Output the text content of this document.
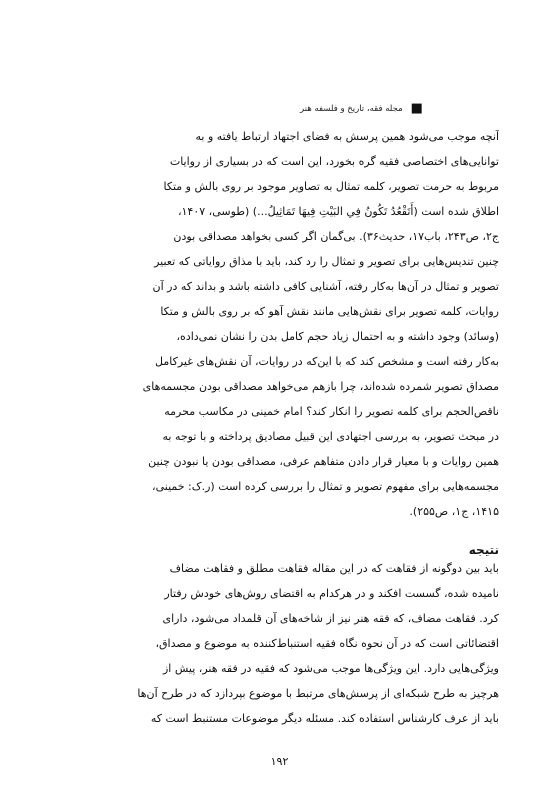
■
مجله فقه، تاریخ و فلسفه هنر
آنچه موجب می‌شود همین پرسش به فضای اجتهاد ارتباط یافته و به
توانایی‌های اختصاصی فقیه گره بخورد، این است که در بسیاری از روایات
مربوط به حرمت تصویر، کلمه تمثال به تصاویر موجود بر روی بالش و متکا
اطلاق شده است (أَتَقْعُدُ تَكُونُ فِي البَيْتِ فِيهَا تَمَاثِيلُ...) (طوسی، ۱۴۰۷،
ج۲، ص۲۴۳، باب۱۷، حدیث۳۶). بی‌گمان اگر کسی بخواهد مصداقی بودن
چنین تندیس‌هایی برای تصویر و تمثال را رد کند، باید با مذاق روایاتی که تعبیر
تصویر و تمثال در آن‌ها به‌کار رفته، آشنایی کافی داشته باشد و بداند که در آن
روایات، کلمه تصویر برای نقش‌هایی مانند نقش آهو که بر روی بالش و متکا
(وسائد) وجود داشته و به احتمال زیاد حجم کامل بدن را نشان نمی‌داده،
به‌کار رفته است و مشخص کند که با این‌که در روایات، آن نقش‌های غیرکامل
مصداق تصویر شمرده شده‌اند، چرا بازهم می‌خواهد مصداقی بودن مجسمه‌های
ناقص‌الحجم برای کلمه تصویر را انکار کند؟ امام خمینی در مکاسب محرمه
در مبحث تصویر، به بررسی اجتهادی این قبیل مصادیق پرداخته و با توجه به
همین روایات و با معیار قرار دادن متفاهم عرفی، مصداقی بودن یا نبودن چنین
مجسمه‌هایی برای مفهوم تصویر و تمثال را بررسی کرده است (ر.ک: خمینی،
۱۴۱۵، ج۱، ص۲۵۵).
نتیجه
باید بین دوگونه از فقاهت که در این مقاله فقاهت مطلق و فقاهت مضاف
نامیده شده، گسست افکند و در هرکدام به اقتضای روش‌های خودش رفتار
کرد. فقاهت مضاف، که فقه هنر نیز از شاخه‌های آن قلمداد می‌شود، دارای
اقتضائاتی است که در آن نحوه نگاه فقیه استنباط‌کننده به موضوع و مصداق،
ویژگی‌هایی دارد. این ویژگی‌ها موجب می‌شود که فقیه در فقه هنر، پیش از
هرچیز به طرح شبکه‌ای از پرسش‌های مرتبط با موضوع بپردازد که در طرح آن‌ها
باید از عرف کارشناس استفاده کند. مسئله دیگر موضوعات مستنبط است که
۱۹۲
